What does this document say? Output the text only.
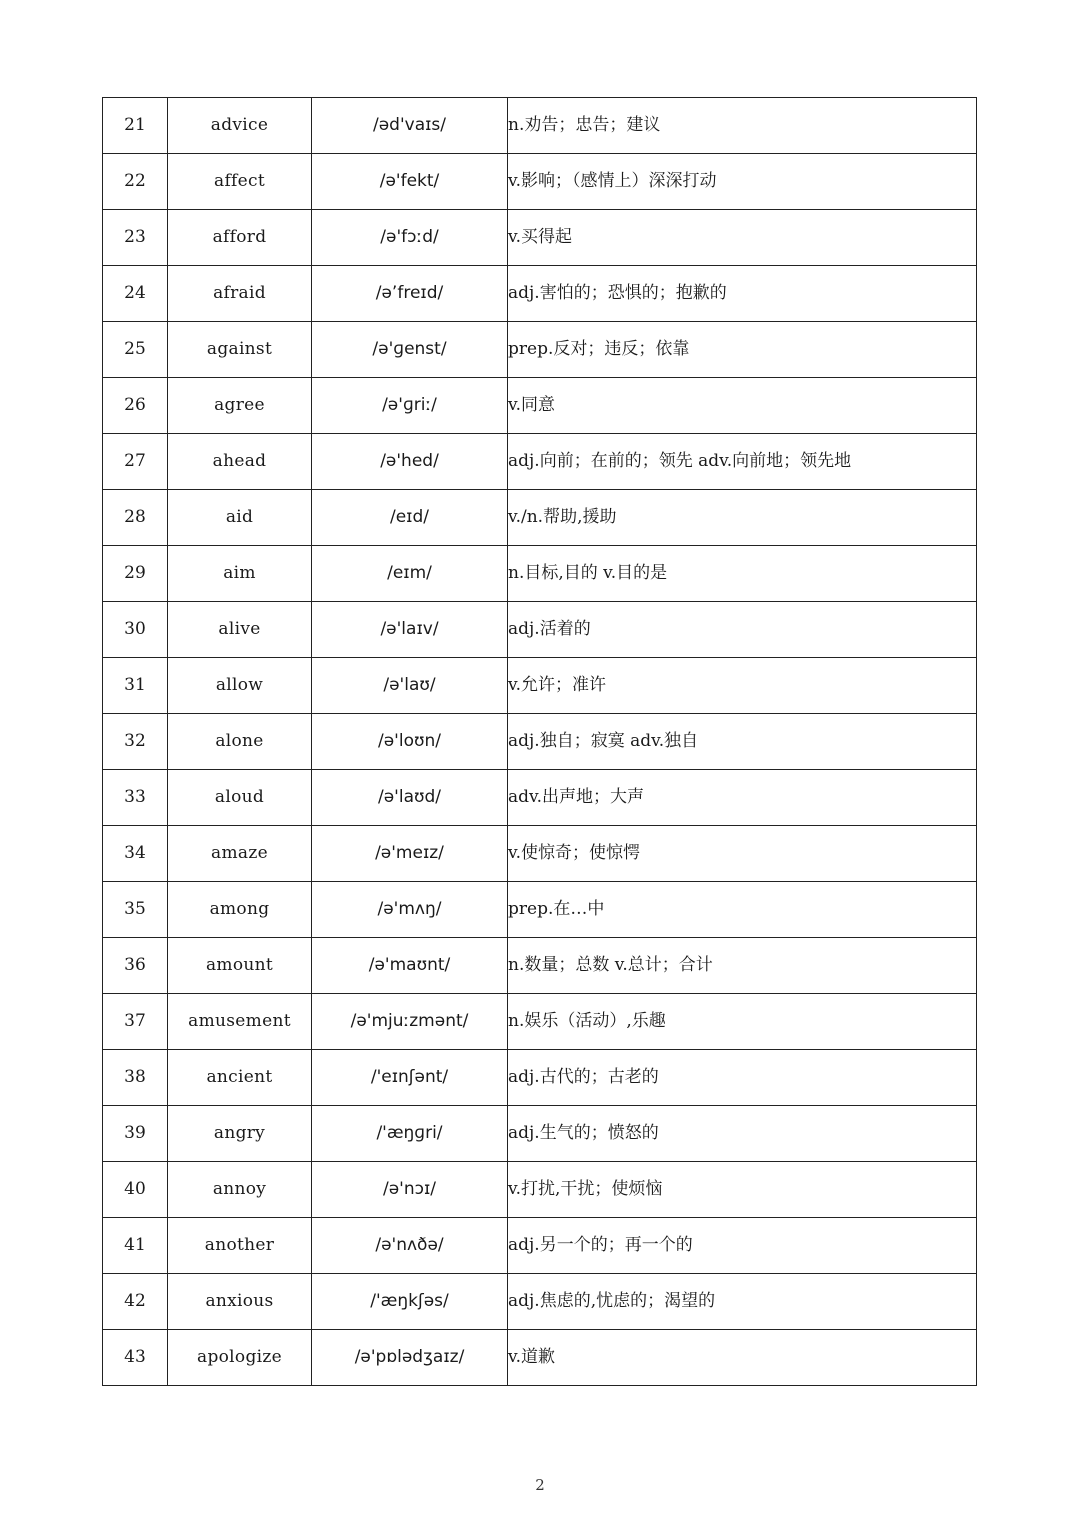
21	advice	/əd'vaɪs/	n.劝告；忠告；建议
22	affect	/ə'fekt/	v.影响；（感情上）深深打动
23	afford	/ə'fɔːd/	v.买得起
24	afraid	/ə’freɪd/	adj.害怕的；恐惧的；抱歉的
25	against	/ə'ɡenst/	prep.反对；违反；依靠
26	agree	/ə'ɡriː/	v.同意
27	ahead	/ə'hed/	adj.向前；在前的；领先 adv.向前地；领先地
28	aid	/eɪd/	v./n.帮助,援助
29	aim	/eɪm/	n.目标,目的 v.目的是
30	alive	/ə'laɪv/	adj.活着的
31	allow	/ə'laʊ/	v.允许；准许
32	alone	/ə'loʊn/	adj.独自；寂寞 adv.独自
33	aloud	/ə'laʊd/	adv.出声地；大声
34	amaze	/ə'meɪz/	v.使惊奇；使惊愕
35	among	/ə'mʌŋ/	prep.在…中
36	amount	/ə'maʊnt/	n.数量；总数 v.总计；合计
37	amusement	/ə'mjuːzmənt/	n.娱乐（活动）,乐趣
38	ancient	/'eɪnʃənt/	adj.古代的；古老的
39	angry	/'æŋɡri/	adj.生气的；愤怒的
40	annoy	/ə'nɔɪ/	v.打扰,干扰；使烦恼
41	another	/ə'nʌðə/	adj.另一个的；再一个的
42	anxious	/'æŋkʃəs/	adj.焦虑的,忧虑的；渴望的
43	apologize	/ə'pɒlədʒaɪz/	v.道歉
2
